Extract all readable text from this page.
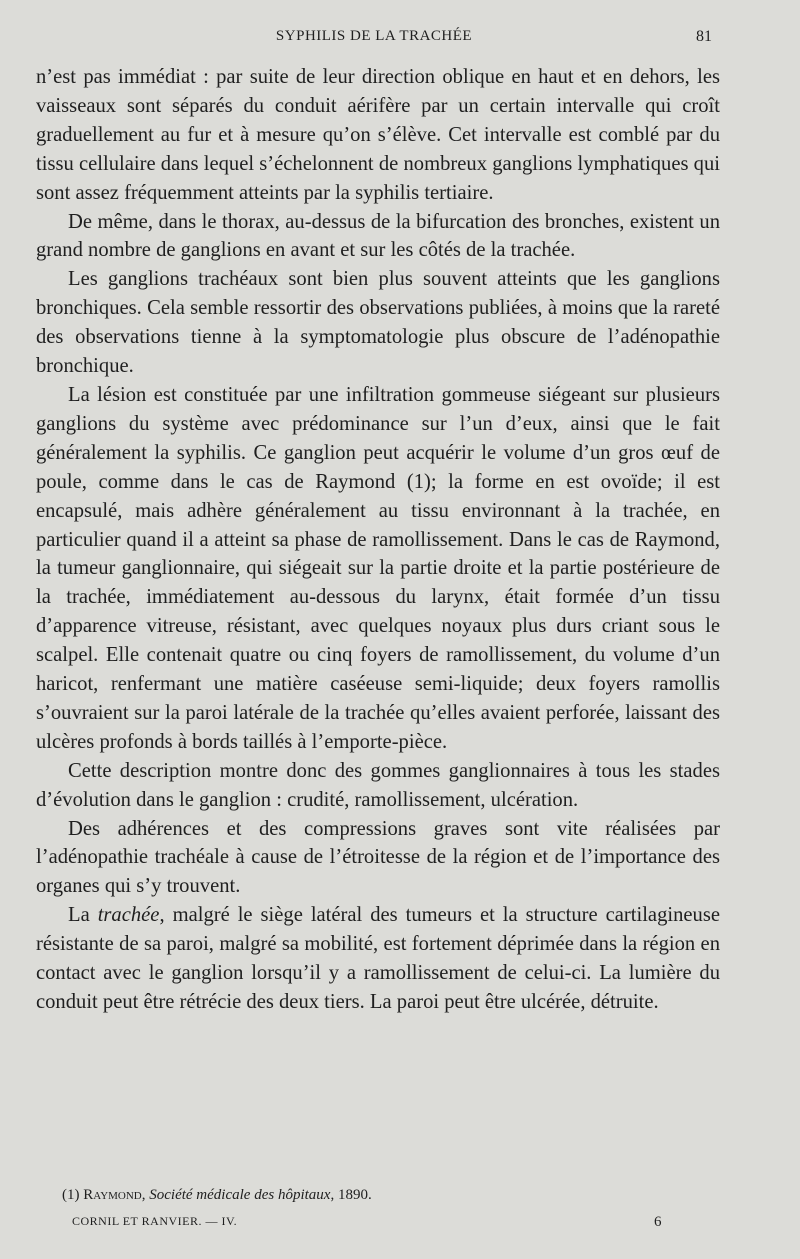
SYPHILIS DE LA TRACHÉE	81

n’est pas immédiat : par suite de leur direction oblique en haut et en dehors, les vaisseaux sont séparés du conduit aérifère par un certain intervalle qui croît graduellement au fur et à mesure qu’on s’élève. Cet intervalle est comblé par du tissu cellulaire dans lequel s’échelonnent de nombreux ganglions lymphatiques qui sont assez fréquemment atteints par la syphilis tertiaire.

De même, dans le thorax, au-dessus de la bifurcation des bronches, existent un grand nombre de ganglions en avant et sur les côtés de la trachée.

Les ganglions trachéaux sont bien plus souvent atteints que les ganglions bronchiques. Cela semble ressortir des observations publiées, à moins que la rareté des observations tienne à la symptomatologie plus obscure de l’adénopathie bronchique.

La lésion est constituée par une infiltration gommeuse siégeant sur plusieurs ganglions du système avec prédominance sur l’un d’eux, ainsi que le fait généralement la syphilis. Ce ganglion peut acquérir le volume d’un gros œuf de poule, comme dans le cas de Raymond (1); la forme en est ovoïde; il est encapsulé, mais adhère généralement au tissu environnant à la trachée, en particulier quand il a atteint sa phase de ramollissement. Dans le cas de Raymond, la tumeur ganglionnaire, qui siégeait sur la partie droite et la partie postérieure de la trachée, immédiatement au-dessous du larynx, était formée d’un tissu d’apparence vitreuse, résistant, avec quelques noyaux plus durs criant sous le scalpel. Elle contenait quatre ou cinq foyers de ramollissement, du volume d’un haricot, renfermant une matière caséeuse semi-liquide; deux foyers ramollis s’ouvraient sur la paroi latérale de la trachée qu’elles avaient perforée, laissant des ulcères profonds à bords taillés à l’emporte-pièce.

Cette description montre donc des gommes ganglionnaires à tous les stades d’évolution dans le ganglion : crudité, ramollissement, ulcération.

Des adhérences et des compressions graves sont vite réalisées par l’adénopathie trachéale à cause de l’étroitesse de la région et de l’importance des organes qui s’y trouvent.

La trachée, malgré le siège latéral des tumeurs et la structure cartilagineuse résistante de sa paroi, malgré sa mobilité, est fortement déprimée dans la région en contact avec le ganglion lorsqu’il y a ramollissement de celui-ci. La lumière du conduit peut être rétrécie des deux tiers. La paroi peut être ulcérée, détruite.

(1) Raymond, Société médicale des hôpitaux, 1890.
CORNIL ET RANVIER. — IV.	6
